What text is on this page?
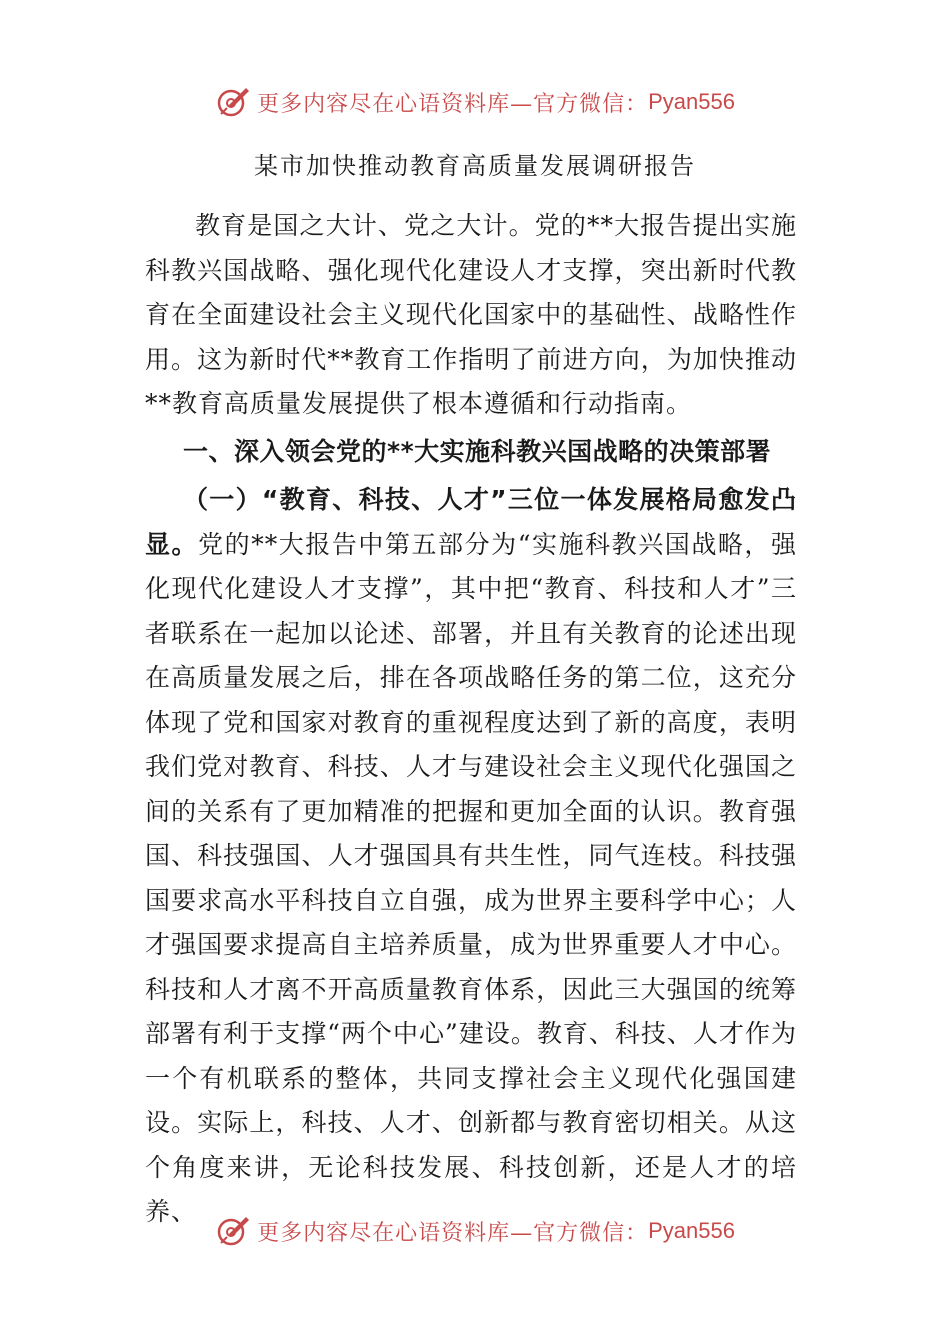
更多内容尽在心语资料库—官方微信： Pyan556
某市加快推动教育高质量发展调研报告

教育是国之大计、党之大计。党的**大报告提出实施科教兴国战略、强化现代化建设人才支撑，突出新时代教育在全面建设社会主义现代化国家中的基础性、战略性作用。这为新时代**教育工作指明了前进方向，为加快推动**教育高质量发展提供了根本遵循和行动指南。

一、深入领会党的**大实施科教兴国战略的决策部署

（一）“教育、科技、人才”三位一体发展格局愈发凸显。党的**大报告中第五部分为“实施科教兴国战略，强化现代化建设人才支撑”，其中把“教育、科技和人才”三者联系在一起加以论述、部署，并且有关教育的论述出现在高质量发展之后，排在各项战略任务的第二位，这充分体现了党和国家对教育的重视程度达到了新的高度，表明我们党对教育、科技、人才与建设社会主义现代化强国之间的关系有了更加精准的把握和更加全面的认识。教育强国、科技强国、人才强国具有共生性，同气连枝。科技强国要求高水平科技自立自强，成为世界主要科学中心；人才强国要求提高自主培养质量，成为世界重要人才中心。科技和人才离不开高质量教育体系，因此三大强国的统筹部署有利于支撑“两个中心”建设。教育、科技、人才作为一个有机联系的整体，共同支撑社会主义现代化强国建设。实际上，科技、人才、创新都与教育密切相关。从这个角度来讲，无论科技发展、科技创新，还是人才的培养、

更多内容尽在心语资料库—官方微信： Pyan556
